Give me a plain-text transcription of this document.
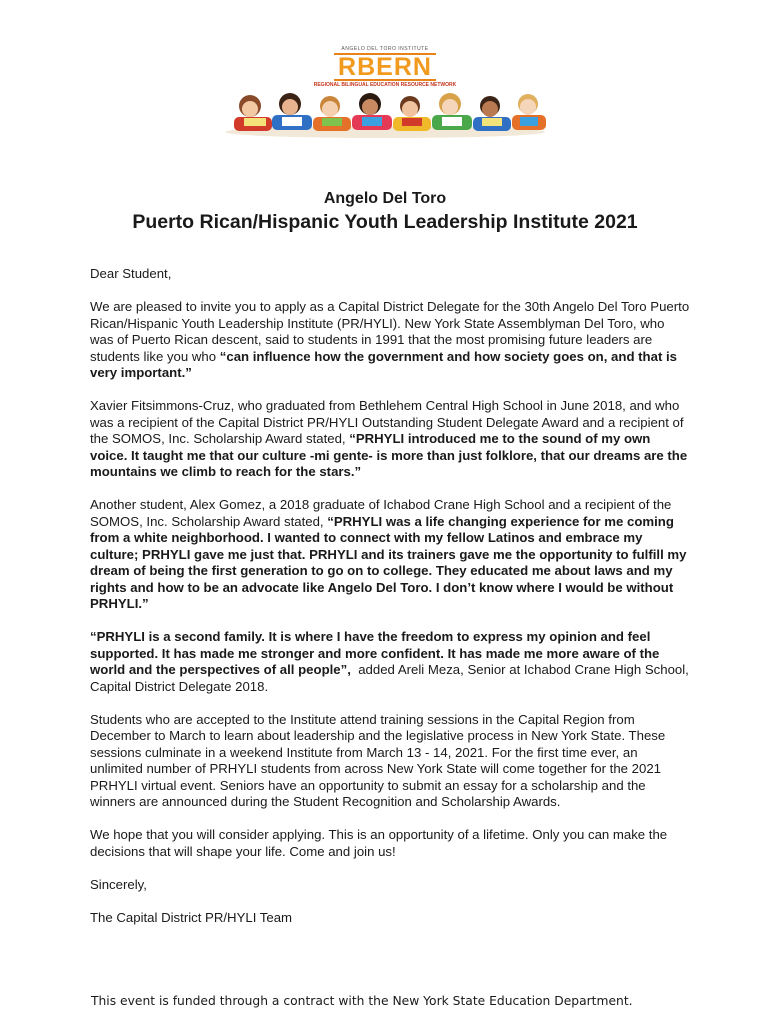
ANGELO DEL TORO INSTITUTE
RBERN
REGIONAL BILINGUAL EDUCATION RESOURCE NETWORK
Angelo Del Toro
Puerto Rican/Hispanic Youth Leadership Institute 2021

Dear Student,

We are pleased to invite you to apply as a Capital District Delegate for the 30th Angelo Del Toro Puerto Rican/Hispanic Youth Leadership Institute (PR/HYLI). New York State Assemblyman Del Toro, who was of Puerto Rican descent, said to students in 1991 that the most promising future leaders are students like you who “can influence how the government and how society goes on, and that is very important.”

Xavier Fitsimmons-Cruz, who graduated from Bethlehem Central High School in June 2018, and who was a recipient of the Capital District PR/HYLI Outstanding Student Delegate Award and a recipient of the SOMOS, Inc. Scholarship Award stated, “PRHYLI introduced me to the sound of my own voice. It taught me that our culture -mi gente- is more than just folklore, that our dreams are the mountains we climb to reach for the stars.”

Another student, Alex Gomez, a 2018 graduate of Ichabod Crane High School and a recipient of the SOMOS, Inc. Scholarship Award stated, “PRHYLI was a life changing experience for me coming from a white neighborhood. I wanted to connect with my fellow Latinos and embrace my culture; PRHYLI gave me just that. PRHYLI and its trainers gave me the opportunity to fulfill my dream of being the first generation to go on to college. They educated me about laws and my rights and how to be an advocate like Angelo Del Toro. I don’t know where I would be without PRHYLI.”

“PRHYLI is a second family. It is where I have the freedom to express my opinion and feel supported. It has made me stronger and more confident. It has made me more aware of the world and the perspectives of all people”,  added Areli Meza, Senior at Ichabod Crane High School, Capital District Delegate 2018.

Students who are accepted to the Institute attend training sessions in the Capital Region from December to March to learn about leadership and the legislative process in New York State. These sessions culminate in a weekend Institute from March 13 - 14, 2021. For the first time ever, an unlimited number of PRHYLI students from across New York State will come together for the 2021 PRHYLI virtual event. Seniors have an opportunity to submit an essay for a scholarship and the winners are announced during the Student Recognition and Scholarship Awards.

We hope that you will consider applying. This is an opportunity of a lifetime. Only you can make the decisions that will shape your life. Come and join us!

Sincerely,

The Capital District PR/HYLI Team

This event is funded through a contract with the New York State Education Department.
